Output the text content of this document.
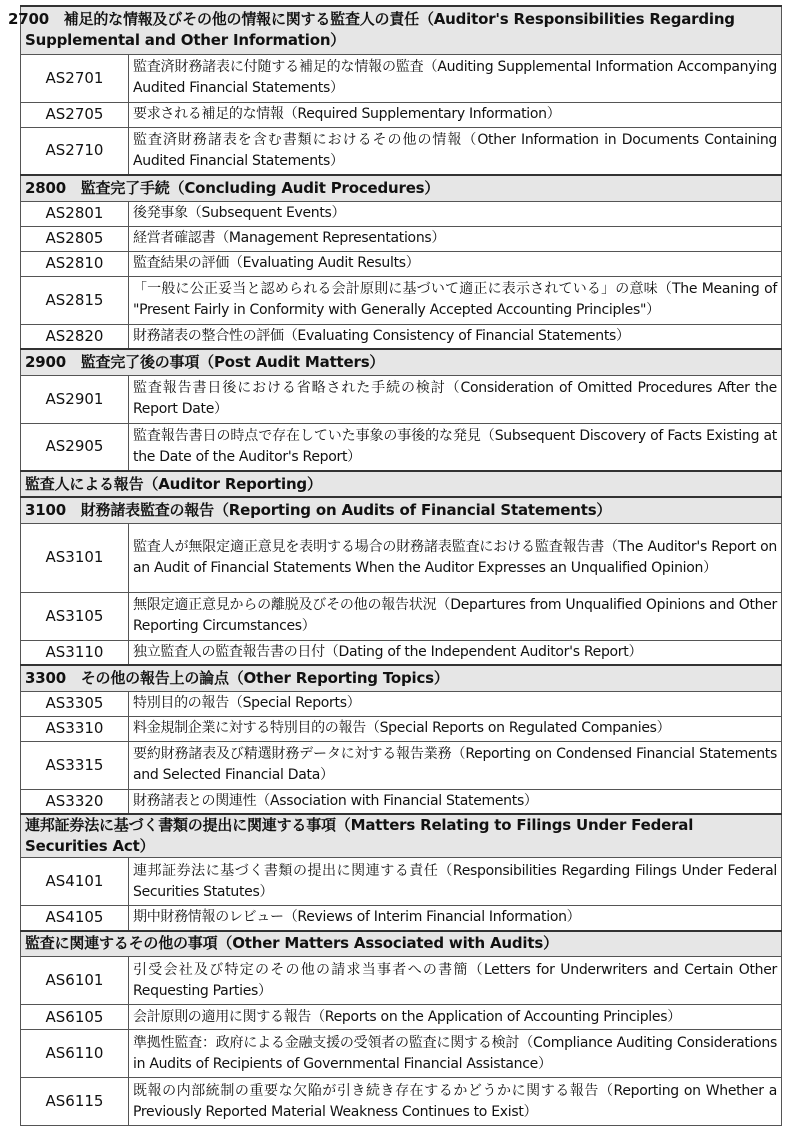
2700　補足的な情報及びその他の情報に関する監査人の責任（Auditor's Responsibilities Regarding Supplemental and Other Information）	

AS2701	監査済財務諸表に付随する補足的な情報の監査（Auditing Supplemental Information Accompanying Audited Financial Statements）
AS2705	要求される補足的な情報（Required Supplementary Information）
AS2710	監査済財務諸表を含む書類におけるその他の情報（Other Information in Documents Containing Audited Financial Statements）

2800　監査完了手続（Concluding Audit Procedures）	

AS2801	後発事象（Subsequent Events）
AS2805	経営者確認書（Management Representations）
AS2810	監査結果の評価（Evaluating Audit Results）
AS2815	「一般に公正妥当と認められる会計原則に基づいて適正に表示されている」の意味（The Meaning of "Present Fairly in Conformity with Generally Accepted Accounting Principles"）
AS2820	財務諸表の整合性の評価（Evaluating Consistency of Financial Statements）

2900　監査完了後の事項（Post Audit Matters）	

AS2901	監査報告書日後における省略された手続の検討（Consideration of Omitted Procedures After the Report Date）
AS2905	監査報告書日の時点で存在していた事象の事後的な発見（Subsequent Discovery of Facts Existing at the Date of the Auditor's Report）

監査人による報告（Auditor Reporting）	

3100　財務諸表監査の報告（Reporting on Audits of Financial Statements）	

AS3101	監査人が無限定適正意見を表明する場合の財務諸表監査における監査報告書（The Auditor's Report on an Audit of Financial Statements When the Auditor Expresses an Unqualified Opinion）
AS3105	無限定適正意見からの離脱及びその他の報告状況（Departures from Unqualified Opinions and Other Reporting Circumstances）
AS3110	独立監査人の監査報告書の日付（Dating of the Independent Auditor's Report）

3300　その他の報告上の論点（Other Reporting Topics）	

AS3305	特別目的の報告（Special Reports）
AS3310	料金規制企業に対する特別目的の報告（Special Reports on Regulated Companies）
AS3315	要約財務諸表及び精選財務データに対する報告業務（Reporting on Condensed Financial Statements and Selected Financial Data）
AS3320	財務諸表との関連性（Association with Financial Statements）

連邦証券法に基づく書類の提出に関連する事項（Matters Relating to Filings Under Federal Securities Act）	

AS4101	連邦証券法に基づく書類の提出に関連する責任（Responsibilities Regarding Filings Under Federal Securities Statutes）
AS4105	期中財務情報のレビュー（Reviews of Interim Financial Information）

監査に関連するその他の事項（Other Matters Associated with Audits）	

AS6101	引受会社及び特定のその他の請求当事者への書簡（Letters for Underwriters and Certain Other Requesting Parties）
AS6105	会計原則の適用に関する報告（Reports on the Application of Accounting Principles）
AS6110	準拠性監査：政府による金融支援の受領者の監査に関する検討（Compliance Auditing Considerations in Audits of Recipients of Governmental Financial Assistance）
AS6115	既報の内部統制の重要な欠陥が引き続き存在するかどうかに関する報告（Reporting on Whether a Previously Reported Material Weakness Continues to Exist）
